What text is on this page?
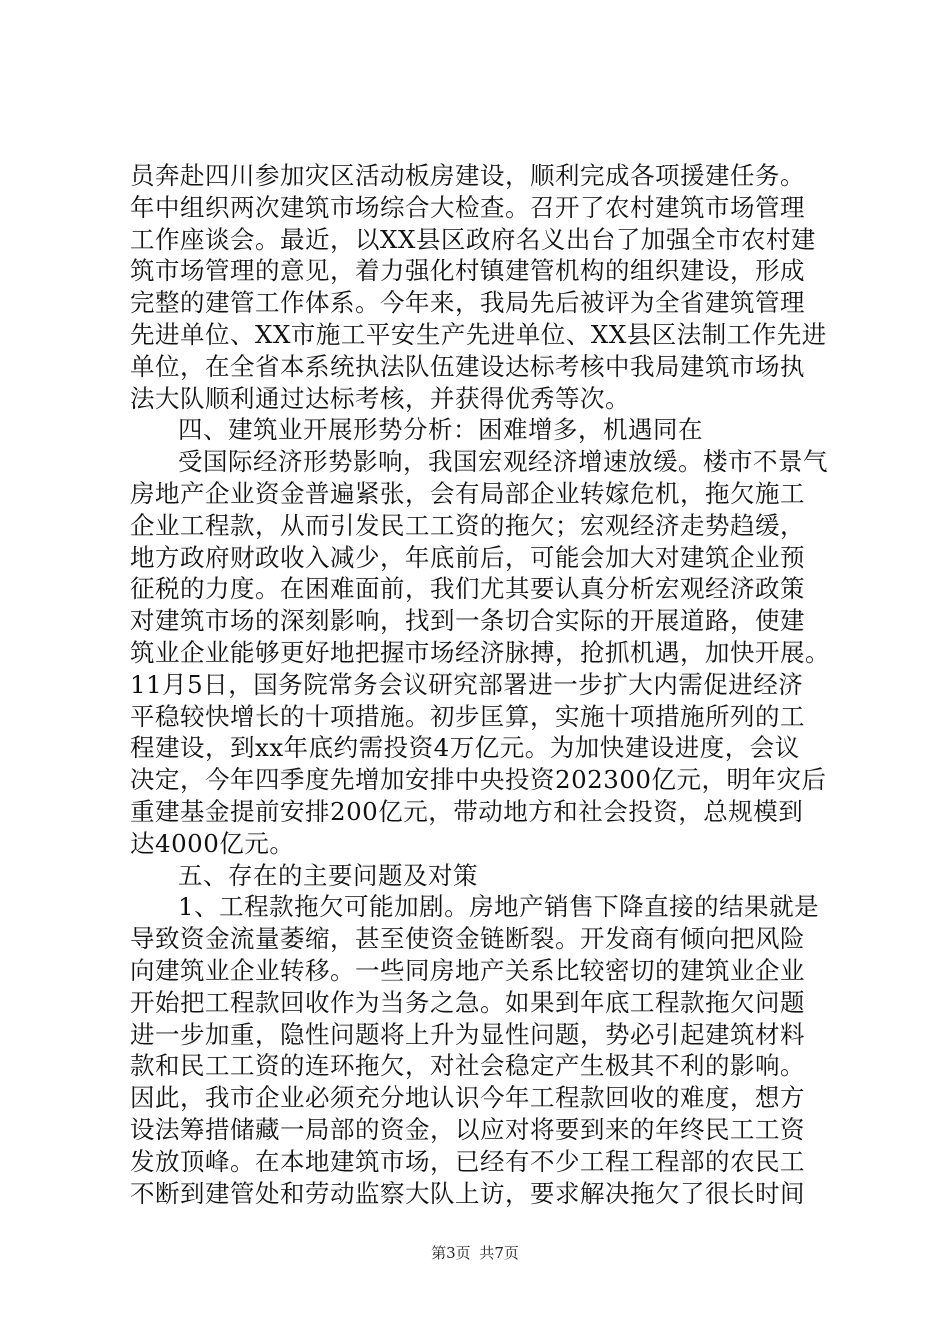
员奔赴四川参加灾区活动板房建设，顺利完成各项援建任务。
年中组织两次建筑市场综合大检查。召开了农村建筑市场管理
工作座谈会。最近，以XX县区政府名义出台了加强全市农村建
筑市场管理的意见，着力强化村镇建管机构的组织建设，形成
完整的建管工作体系。今年来，我局先后被评为全省建筑管理
先进单位、XX市施工平安生产先进单位、XX县区法制工作先进
单位，在全省本系统执法队伍建设达标考核中我局建筑市场执
法大队顺利通过达标考核，并获得优秀等次。
四、建筑业开展形势分析：困难增多，机遇同在
受国际经济形势影响，我国宏观经济增速放缓。楼市不景气
房地产企业资金普遍紧张，会有局部企业转嫁危机，拖欠施工
企业工程款，从而引发民工工资的拖欠；宏观经济走势趋缓，
地方政府财政收入减少，年底前后，可能会加大对建筑企业预
征税的力度。在困难面前，我们尤其要认真分析宏观经济政策
对建筑市场的深刻影响，找到一条切合实际的开展道路，使建
筑业企业能够更好地把握市场经济脉搏，抢抓机遇，加快开展。
11月5日，国务院常务会议研究部署进一步扩大内需促进经济
平稳较快增长的十项措施。初步匡算，实施十项措施所列的工
程建设，到xx年底约需投资4万亿元。为加快建设进度，会议
决定，今年四季度先增加安排中央投资202300亿元，明年灾后
重建基金提前安排200亿元，带动地方和社会投资，总规模到
达4000亿元。
五、存在的主要问题及对策
1、工程款拖欠可能加剧。房地产销售下降直接的结果就是
导致资金流量萎缩，甚至使资金链断裂。开发商有倾向把风险
向建筑业企业转移。一些同房地产关系比较密切的建筑业企业
开始把工程款回收作为当务之急。如果到年底工程款拖欠问题
进一步加重，隐性问题将上升为显性问题，势必引起建筑材料
款和民工工资的连环拖欠，对社会稳定产生极其不利的影响。
因此，我市企业必须充分地认识今年工程款回收的难度，想方
设法筹措储藏一局部的资金，以应对将要到来的年终民工工资
发放顶峰。在本地建筑市场，已经有不少工程工程部的农民工
不断到建管处和劳动监察大队上访，要求解决拖欠了很长时间
第3页 共7页
